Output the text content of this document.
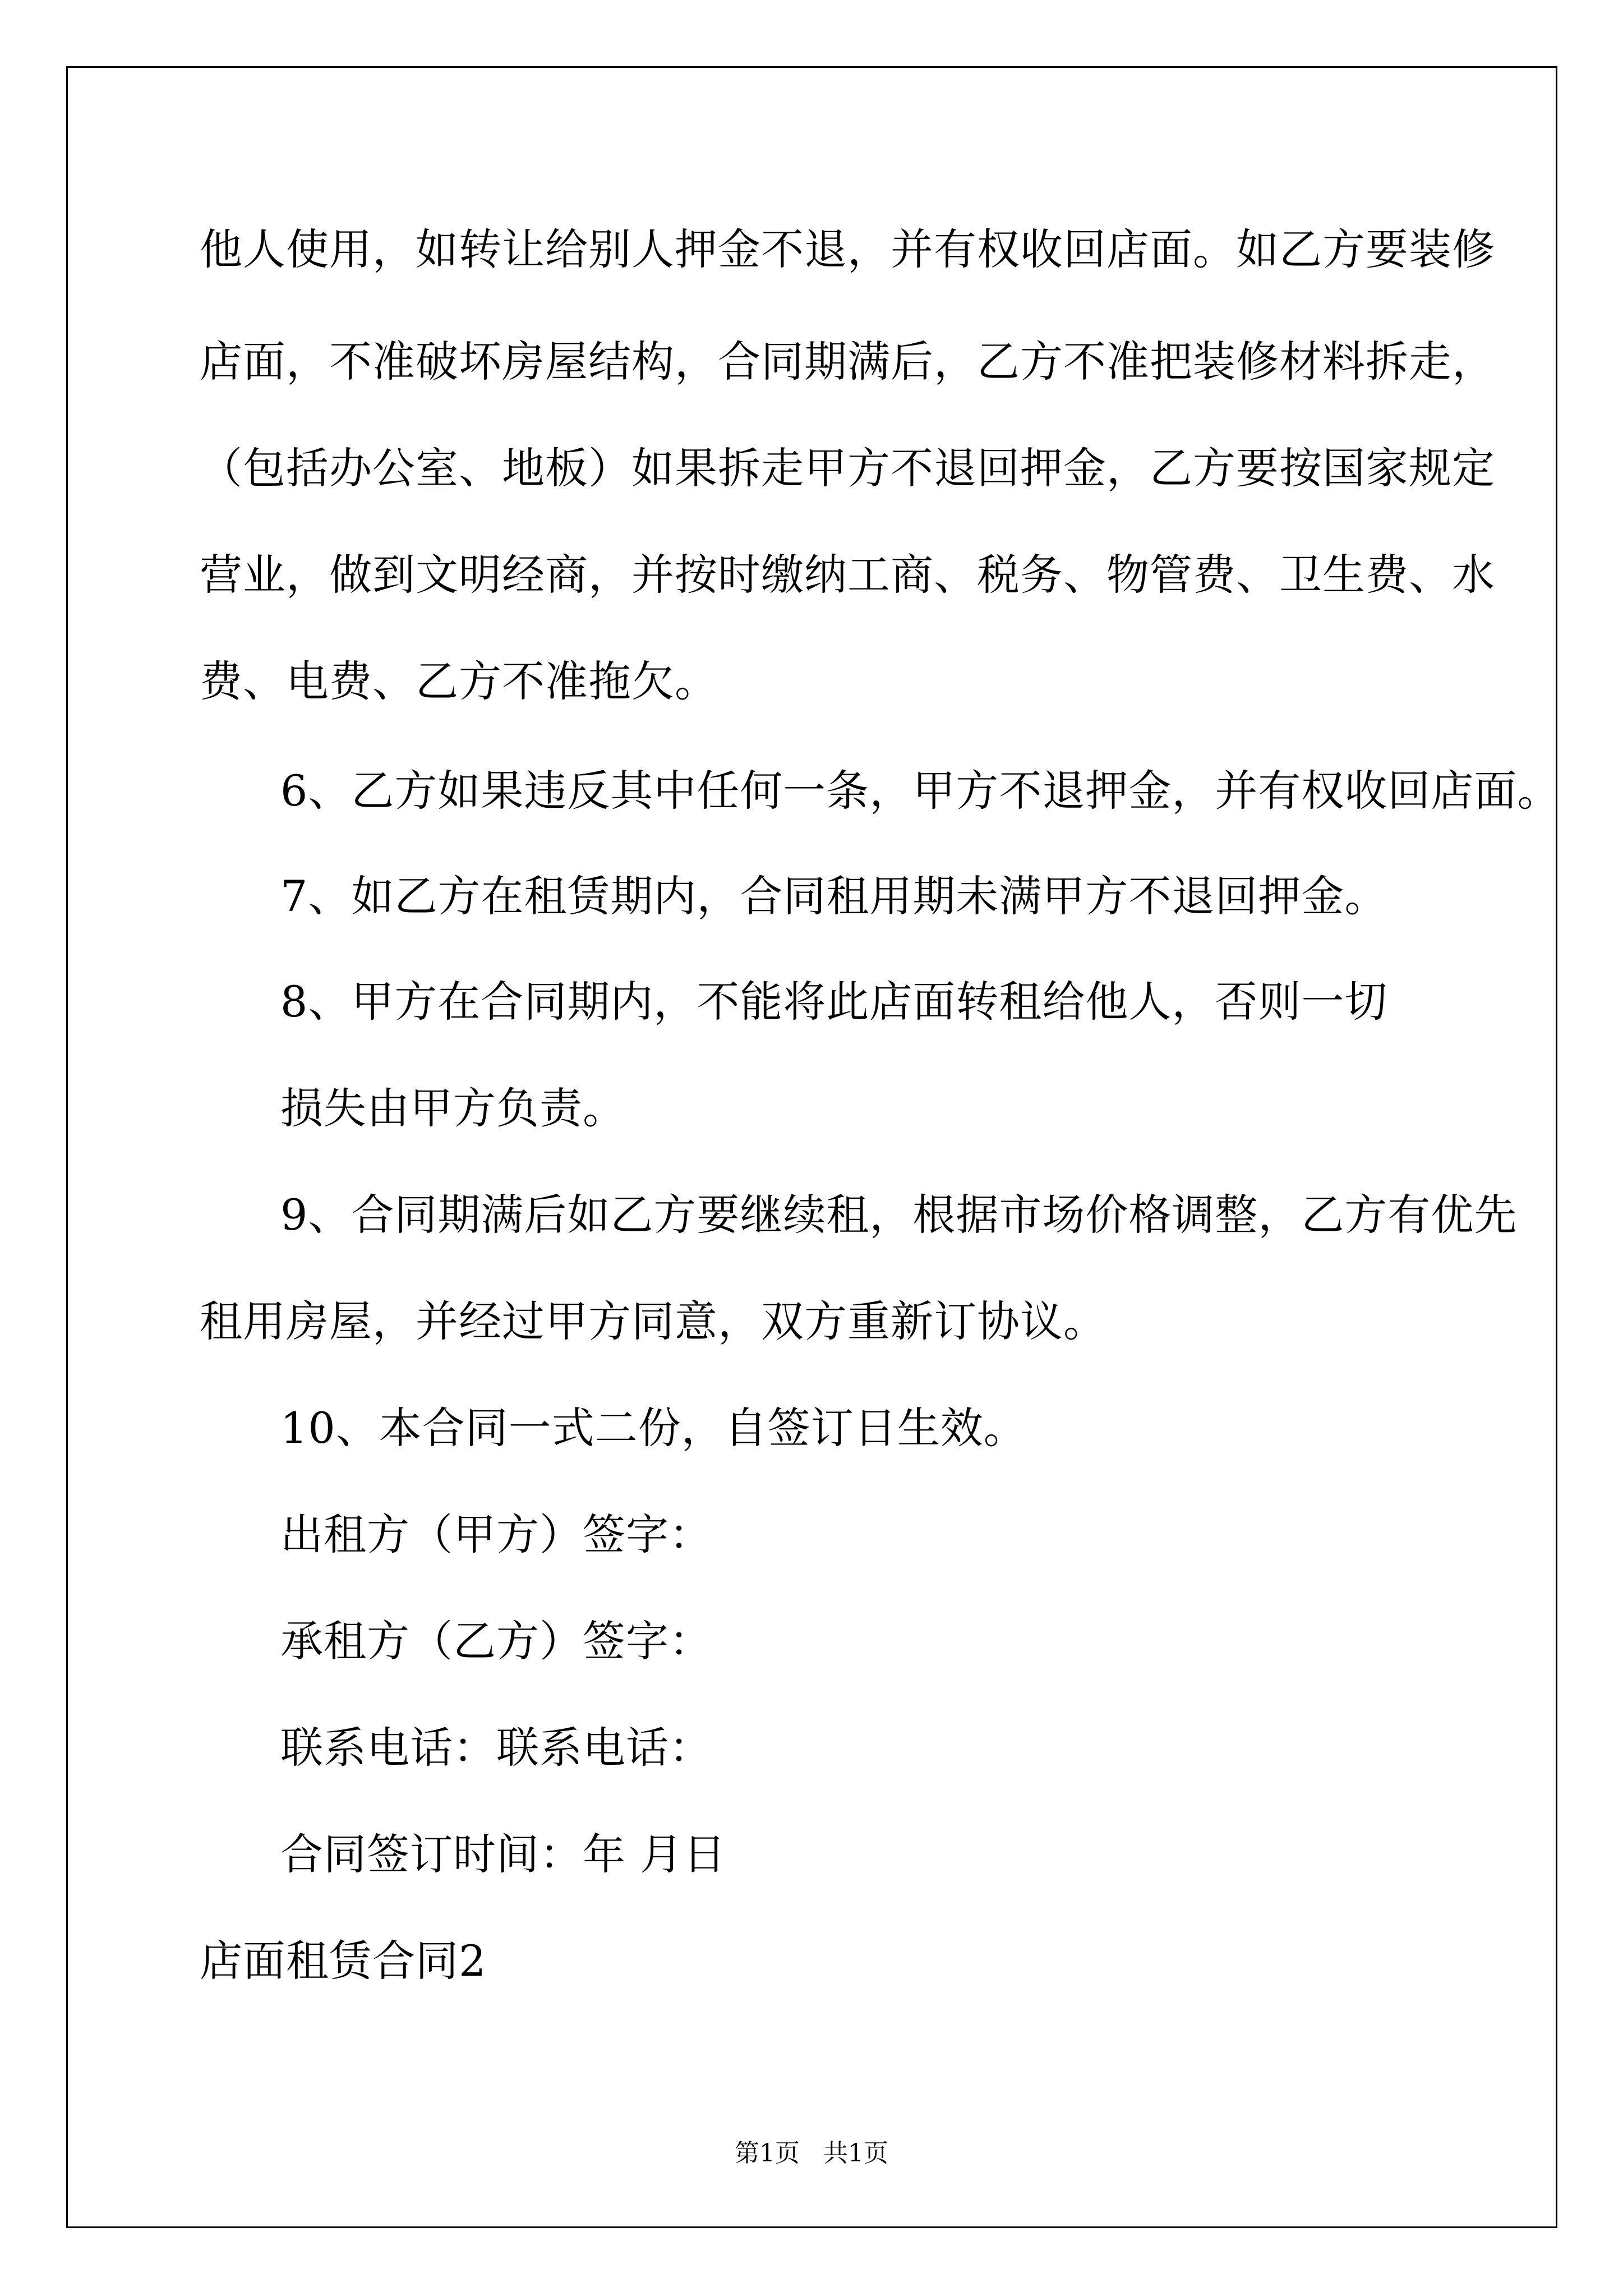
他人使用，如转让给别人押金不退，并有权收回店面。如乙方要装修
店面，不准破坏房屋结构，合同期满后，乙方不准把装修材料拆走，
（包括办公室、地板）如果拆走甲方不退回押金，乙方要按国家规定
营业，做到文明经商，并按时缴纳工商、税务、物管费、卫生费、水
费、电费、乙方不准拖欠。
6、乙方如果违反其中任何一条，甲方不退押金，并有权收回店面。
7、如乙方在租赁期内，合同租用期未满甲方不退回押金。
8、甲方在合同期内，不能将此店面转租给他人，否则一切
损失由甲方负责。
9、合同期满后如乙方要继续租，根据市场价格调整，乙方有优先
租用房屋，并经过甲方同意，双方重新订协议。
10、本合同一式二份，自签订日生效。
出租方（甲方）签字：
承租方（乙方）签字：
联系电话：联系电话：
合同签订时间：年 月日
店面租赁合同2
第1页   共1页
